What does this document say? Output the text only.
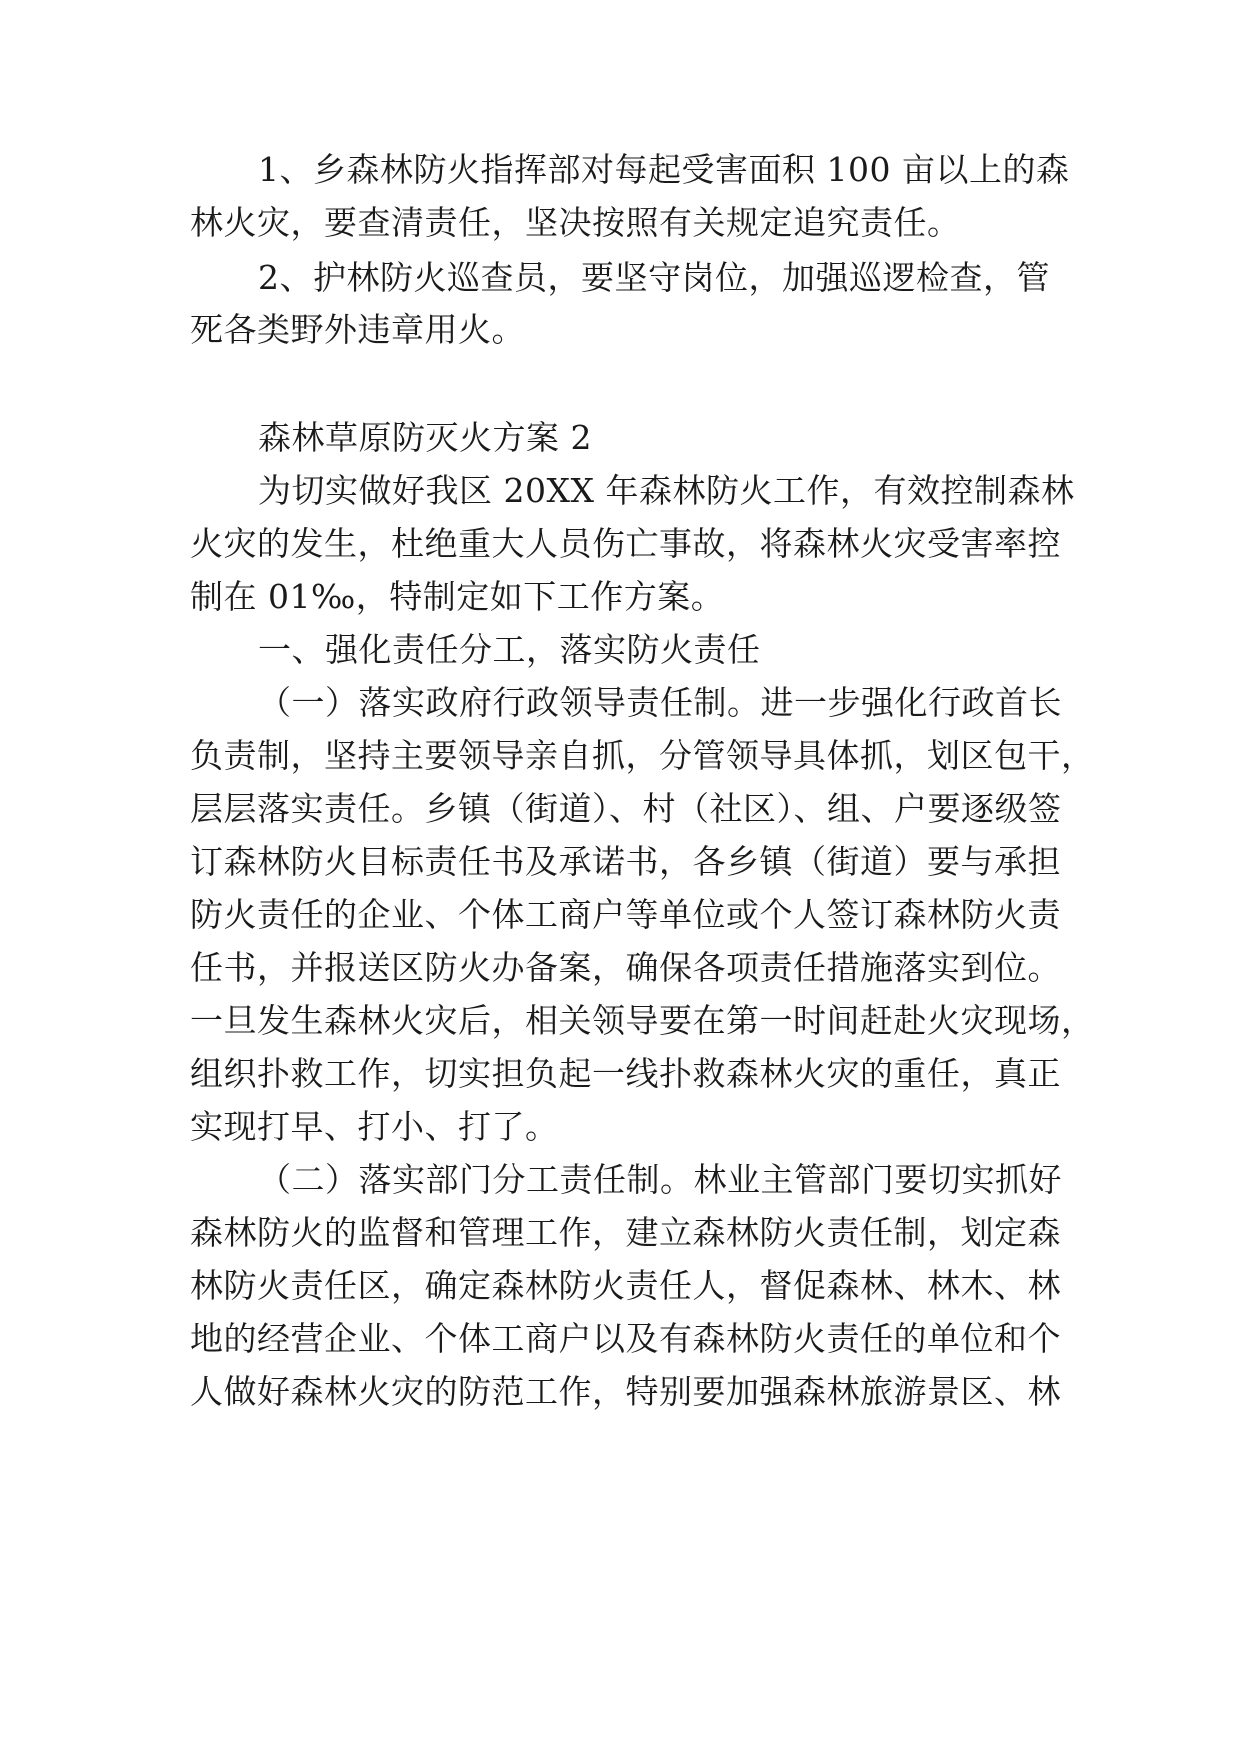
1、乡森林防火指挥部对每起受害面积 100 亩以上的森
林火灾，要查清责任，坚决按照有关规定追究责任。
2、护林防火巡查员，要坚守岗位，加强巡逻检查，管
死各类野外违章用火。
森林草原防灭火方案 2
为切实做好我区 20XX 年森林防火工作，有效控制森林
火灾的发生，杜绝重大人员伤亡事故，将森林火灾受害率控
制在 01‰，特制定如下工作方案。
一、强化责任分工，落实防火责任
（一）落实政府行政领导责任制。进一步强化行政首长
负责制，坚持主要领导亲自抓，分管领导具体抓，划区包干，
层层落实责任。乡镇（街道）、村（社区）、组、户要逐级签
订森林防火目标责任书及承诺书，各乡镇（街道）要与承担
防火责任的企业、个体工商户等单位或个人签订森林防火责
任书，并报送区防火办备案，确保各项责任措施落实到位。
一旦发生森林火灾后，相关领导要在第一时间赶赴火灾现场，
组织扑救工作，切实担负起一线扑救森林火灾的重任，真正
实现打早、打小、打了。
（二）落实部门分工责任制。林业主管部门要切实抓好
森林防火的监督和管理工作，建立森林防火责任制，划定森
林防火责任区，确定森林防火责任人，督促森林、林木、林
地的经营企业、个体工商户以及有森林防火责任的单位和个
人做好森林火灾的防范工作，特别要加强森林旅游景区、林
